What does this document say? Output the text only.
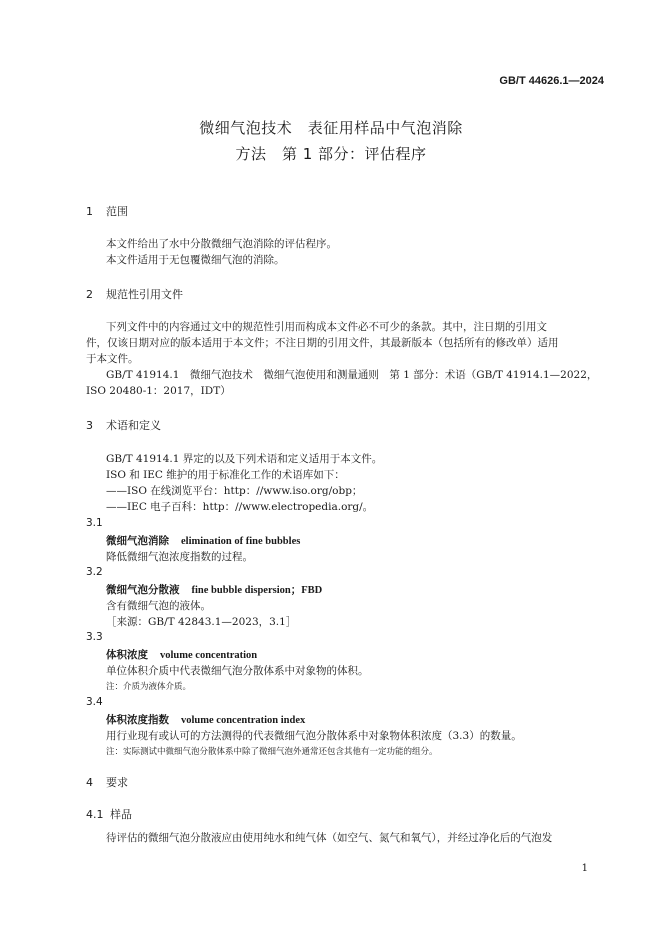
GB/T 44626.1—2024
微细气泡技术　表征用样品中气泡消除
方法　第 1 部分：评估程序
1 范围
本文件给出了水中分散微细气泡消除的评估程序。
本文件适用于无包覆微细气泡的消除。
2 规范性引用文件
下列文件中的内容通过文中的规范性引用而构成本文件必不可少的条款。其中，注日期的引用文
件，仅该日期对应的版本适用于本文件；不注日期的引用文件，其最新版本（包括所有的修改单）适用
于本文件。
GB/T 41914.1　微细气泡技术　微细气泡使用和测量通则　第 1 部分：术语（GB/T 41914.1—2022，
ISO 20480-1：2017，IDT）
3 术语和定义
GB/T 41914.1 界定的以及下列术语和定义适用于本文件。
ISO 和 IEC 维护的用于标准化工作的术语库如下：
——ISO 在线浏览平台：http：//www.iso.org/obp；
——IEC 电子百科：http：//www.electropedia.org/。
3.1
微细气泡消除 elimination of fine bubbles
降低微细气泡浓度指数的过程。
3.2
微细气泡分散液 fine bubble dispersion；FBD
含有微细气泡的液体。
［来源：GB/T 42843.1—2023，3.1］
3.3
体积浓度 volume concentration
单位体积介质中代表微细气泡分散体系中对象物的体积。
注：介质为液体介质。
3.4
体积浓度指数 volume concentration index
用行业现有或认可的方法测得的代表微细气泡分散体系中对象物体积浓度（3.3）的数量。
注：实际测试中微细气泡分散体系中除了微细气泡外通常还包含其他有一定功能的组分。
4 要求
4.1 样品
待评估的微细气泡分散液应由使用纯水和纯气体（如空气、氮气和氧气），并经过净化后的气泡发
1
